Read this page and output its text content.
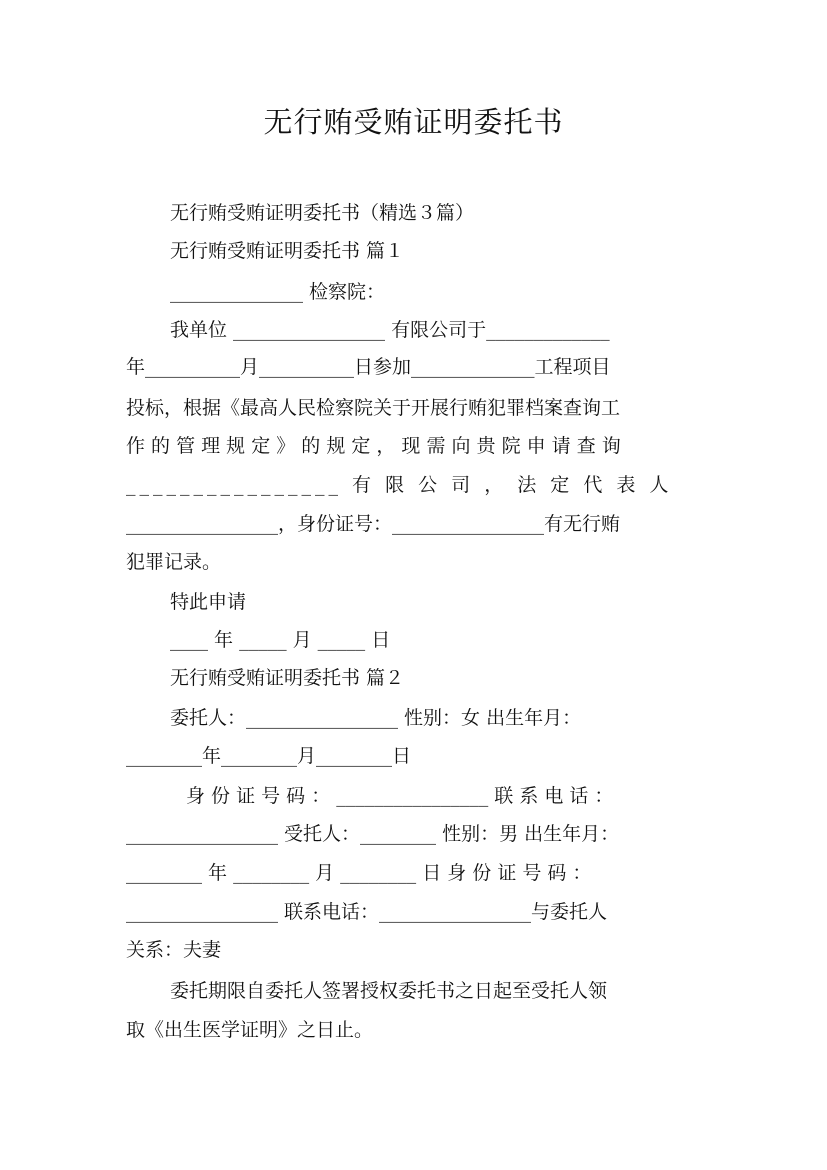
无行贿受贿证明委托书
无行贿受贿证明委托书（精选３篇）
无行贿受贿证明委托书 篇１
______________ 检察院：
我单位 ________________ 有限公司于_____________
年__________月__________日参加_____________工程项目
投标，根据《最高人民检察院关于开展行贿犯罪档案查询工
作 的 管 理 规 定 》 的 规 定 ， 现 需 向 贵 院 申 请 查 询
________________ 有 限 公 司 ， 法 定 代 表 人
________________，身份证号：________________有无行贿
犯罪记录。
特此申请
____ 年 _____ 月 _____ 日
无行贿受贿证明委托书 篇２
委托人：________________ 性别：女 出生年月：
________年________月________日
身 份 证 号 码 ： ________________ 联 系 电 话 ：
________________ 受托人：________ 性别：男 出生年月：
________ 年 ________ 月 ________ 日 身 份 证 号 码 ：
________________ 联系电话：________________与委托人
关系：夫妻
委托期限自委托人签署授权委托书之日起至受托人领
取《出生医学证明》之日止。
